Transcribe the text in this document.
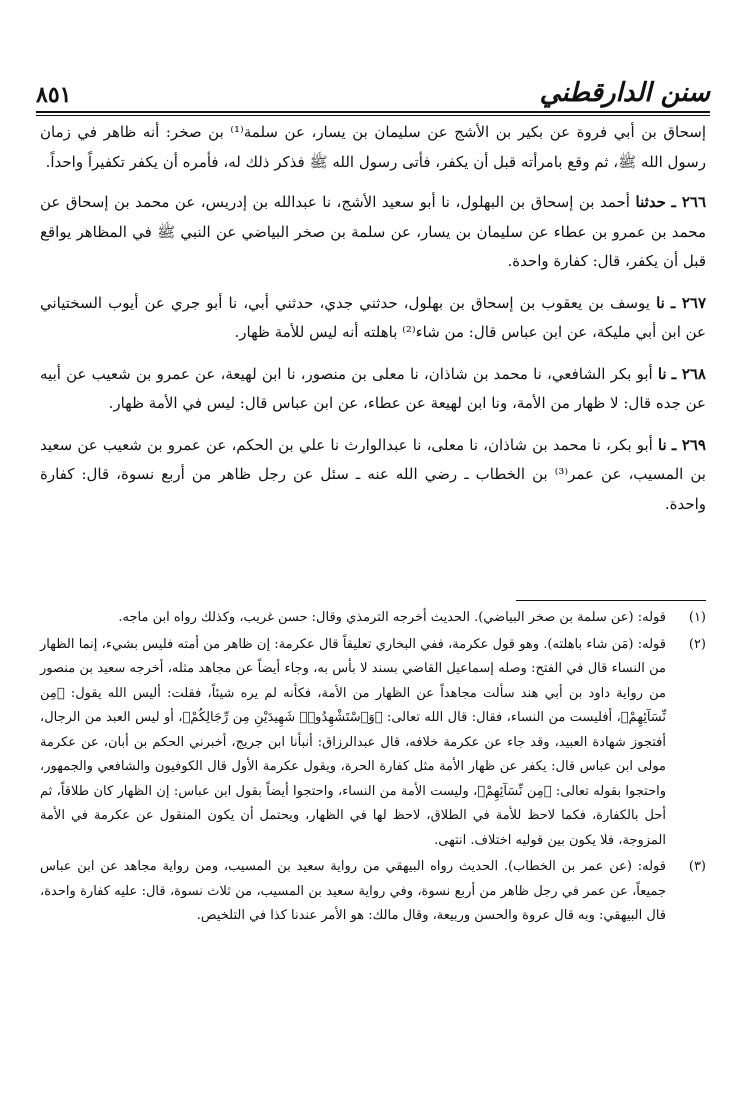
٨٥١	سنن الدارقطني

إسحاق بن أبي فروة عن بكير بن الأشج عن سليمان بن يسار، عن سلمة⁽¹⁾ بن صخر: أنه ظاهر في زمان رسول الله ﷺ، ثم وقع بامرأته قبل أن يكفر، فأتى رسول الله ﷺ فذكر ذلك له، فأمره أن يكفر تكفيراً واحداً.

٢٦٦ ـ حدثنا أحمد بن إسحاق بن البهلول، نا أبو سعيد الأشج، نا عبدالله بن إدريس، عن محمد بن إسحاق عن محمد بن عمرو بن عطاء عن سليمان بن يسار، عن سلمة بن صخر البياضي عن النبي ﷺ في المظاهر يواقع قبل أن يكفر، قال: كفارة واحدة.

٢٦٧ ـ نا يوسف بن يعقوب بن إسحاق بن بهلول، حدثني جدي، حدثني أبي، نا أبو جري عن أيوب السختياني عن ابن أبي مليكة، عن ابن عباس قال: من شاء⁽²⁾ باهلته أنه ليس للأمة ظهار.

٢٦٨ ـ نا أبو بكر الشافعي، نا محمد بن شاذان، نا معلى بن منصور، نا ابن لهيعة، عن عمرو بن شعيب عن أبيه عن جده قال: لا ظهار من الأمة، ونا ابن لهيعة عن عطاء، عن ابن عباس قال: ليس في الأمة ظهار.

٢٦٩ ـ نا أبو بكر، نا محمد بن شاذان، نا معلى، نا عبدالوارث نا علي بن الحكم، عن عمرو بن شعيب عن سعيد بن المسيب، عن عمر⁽³⁾ بن الخطاب ـ رضي الله عنه ـ سئل عن رجل ظاهر من أربع نسوة، قال: كفارة واحدة.

(١)

قوله: (عن سلمة بن صخر البياضي). الحديث أخرجه الترمذي وقال: حسن غريب، وكذلك رواه ابن ماجه.

(٢)

قوله: (مَن شاء باهلته). وهو قول عكرمة، ففي البخاري تعليقاً قال عكرمة: إن ظاهر من أمته فليس بشيء، إنما الظهار من النساء قال في الفتح: وصله إسماعيل القاضي بسند لا بأس به، وجاء أيضاً عن مجاهد مثله، أخرجه سعيد بن منصور من رواية داود بن أبي هند سألت مجاهداً عن الظهار من الأمة، فكأنه لم يره شيئاً، فقلت: أليس الله يقول: ﴿مِن نِّسَآئِهِمْ﴾، أفليست من النساء، فقال: قال الله تعالى: ﴿وَٱسْتَشْهِدُوا۟ شَهِيدَيْنِ مِن رِّجَالِكُمْ﴾، أو ليس العبد من الرجال، أفتجوز شهادة العبيد، وقد جاء عن عكرمة خلافه، قال عبدالرزاق: أنبأنا ابن جريج، أخبرني الحكم بن أبان، عن عكرمة مولى ابن عباس قال: يكفر عن ظهار الأمة مثل كفارة الحرة، ويقول عكرمة الأول قال الكوفيون والشافعي والجمهور، واحتجوا بقوله تعالى: ﴿مِن نِّسَآئِهِمْ﴾، وليست الأمة من النساء، واحتجوا أيضاً بقول ابن عباس: إن الظهار كان طلاقاً، ثم أحل بالكفارة، فكما لاحظ للأمة في الطلاق، لاحظ لها في الظهار، ويحتمل أن يكون المنقول عن عكرمة في الأمة المزوجة، فلا يكون بين قوليه اختلاف. انتهى.

(٣)

قوله: (عن عمر بن الخطاب). الحديث رواه البيهقي من رواية سعيد بن المسيب، ومن رواية مجاهد عن ابن عباس جميعاً، عن عمر في رجل ظاهر من أربع نسوة، وفي رواية سعيد بن المسيب، من ثلاث نسوة، قال: عليه كفارة واحدة، قال البيهقي: وبه قال عروة والحسن وربيعة، وقال مالك: هو الأمر عندنا كذا في التلخيص.
